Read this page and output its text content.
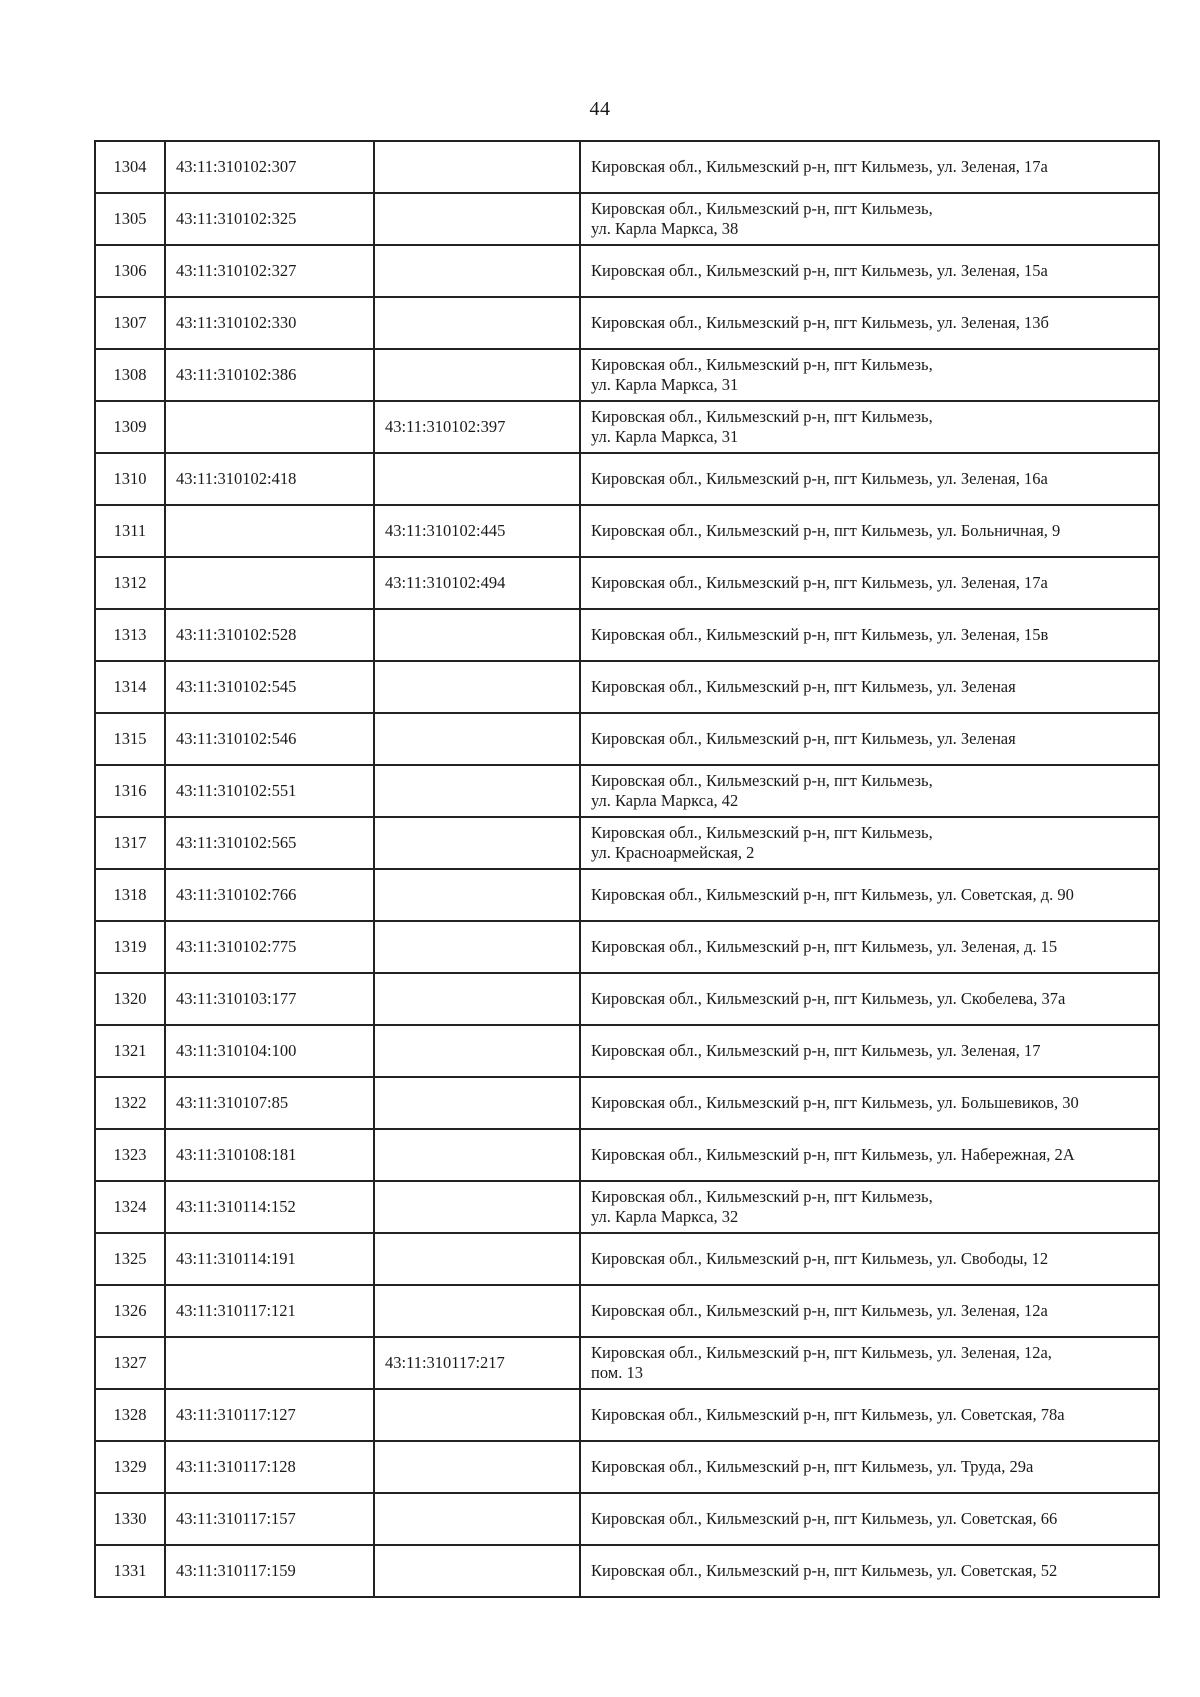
44
1304	43:11:310102:307		Кировская обл., Кильмезский р-н, пгт Кильмезь, ул. Зеленая, 17а
1305	43:11:310102:325		Кировская обл., Кильмезский р-н, пгт Кильмезь,
ул. Карла Маркса, 38
1306	43:11:310102:327		Кировская обл., Кильмезский р-н, пгт Кильмезь, ул. Зеленая, 15а
1307	43:11:310102:330		Кировская обл., Кильмезский р-н, пгт Кильмезь, ул. Зеленая, 13б
1308	43:11:310102:386		Кировская обл., Кильмезский р-н, пгт Кильмезь,
ул. Карла Маркса, 31
1309		43:11:310102:397	Кировская обл., Кильмезский р-н, пгт Кильмезь,
ул. Карла Маркса, 31
1310	43:11:310102:418		Кировская обл., Кильмезский р-н, пгт Кильмезь, ул. Зеленая, 16а
1311		43:11:310102:445	Кировская обл., Кильмезский р-н, пгт Кильмезь, ул. Больничная, 9
1312		43:11:310102:494	Кировская обл., Кильмезский р-н, пгт Кильмезь, ул. Зеленая, 17а
1313	43:11:310102:528		Кировская обл., Кильмезский р-н, пгт Кильмезь, ул. Зеленая, 15в
1314	43:11:310102:545		Кировская обл., Кильмезский р-н, пгт Кильмезь, ул. Зеленая
1315	43:11:310102:546		Кировская обл., Кильмезский р-н, пгт Кильмезь, ул. Зеленая
1316	43:11:310102:551		Кировская обл., Кильмезский р-н, пгт Кильмезь,
ул. Карла Маркса, 42
1317	43:11:310102:565		Кировская обл., Кильмезский р-н, пгт Кильмезь,
ул. Красноармейская, 2
1318	43:11:310102:766		Кировская обл., Кильмезский р-н, пгт Кильмезь, ул. Советская, д. 90
1319	43:11:310102:775		Кировская обл., Кильмезский р-н, пгт Кильмезь, ул. Зеленая, д. 15
1320	43:11:310103:177		Кировская обл., Кильмезский р-н, пгт Кильмезь, ул. Скобелева, 37а
1321	43:11:310104:100		Кировская обл., Кильмезский р-н, пгт Кильмезь, ул. Зеленая, 17
1322	43:11:310107:85		Кировская обл., Кильмезский р-н, пгт Кильмезь, ул. Большевиков, 30
1323	43:11:310108:181		Кировская обл., Кильмезский р-н, пгт Кильмезь, ул. Набережная, 2А
1324	43:11:310114:152		Кировская обл., Кильмезский р-н, пгт Кильмезь,
ул. Карла Маркса, 32
1325	43:11:310114:191		Кировская обл., Кильмезский р-н, пгт Кильмезь, ул. Свободы, 12
1326	43:11:310117:121		Кировская обл., Кильмезский р-н, пгт Кильмезь, ул. Зеленая, 12а
1327		43:11:310117:217	Кировская обл., Кильмезский р-н, пгт Кильмезь, ул. Зеленая, 12а,
пом. 13
1328	43:11:310117:127		Кировская обл., Кильмезский р-н, пгт Кильмезь, ул. Советская, 78а
1329	43:11:310117:128		Кировская обл., Кильмезский р-н, пгт Кильмезь, ул. Труда, 29а
1330	43:11:310117:157		Кировская обл., Кильмезский р-н, пгт Кильмезь, ул. Советская, 66
1331	43:11:310117:159		Кировская обл., Кильмезский р-н, пгт Кильмезь, ул. Советская, 52
